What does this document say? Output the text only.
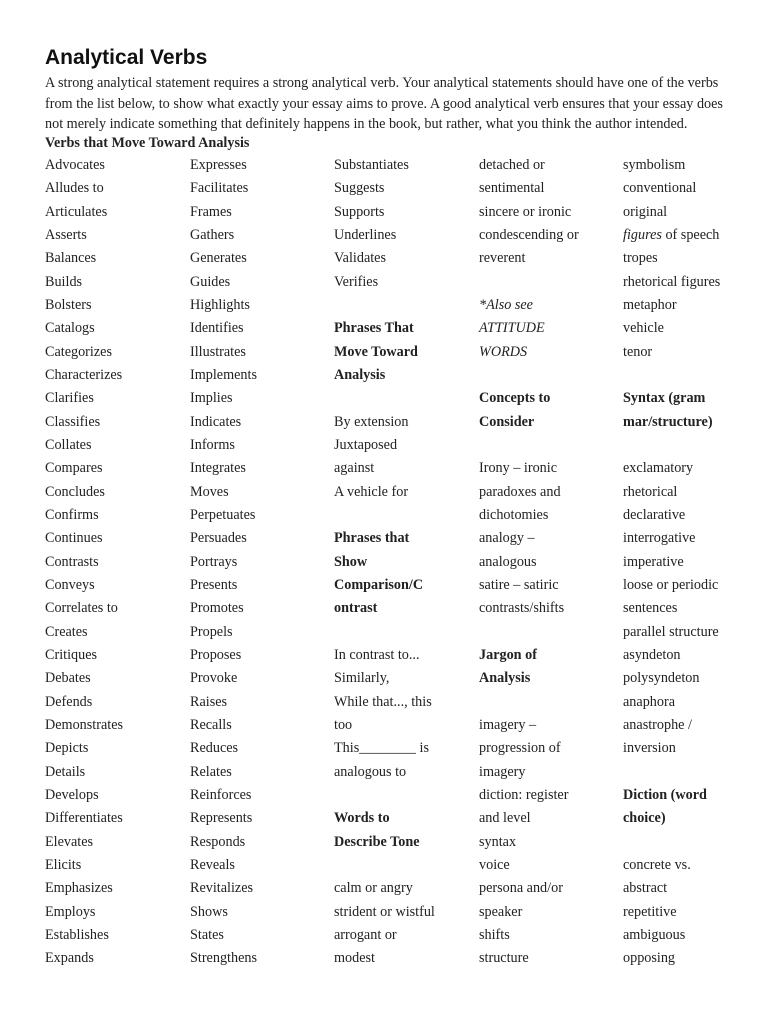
Analytical Verbs

A strong analytical statement requires a strong analytical verb. Your analytical statements should have one of the verbs from the list below, to show what exactly your essay aims to prove. A good analytical verb ensures that your essay does not merely indicate something that definitely happens in the book, but rather, what you think the author intended.

Verbs that Move Toward Analysis
Advocates
Alludes to
Articulates
Asserts
Balances
Builds
Bolsters
Catalogs
Categorizes
Characterizes
Clarifies
Classifies
Collates
Compares
Concludes
Confirms
Continues
Contrasts
Conveys
Correlates to
Creates
Critiques
Debates
Defends
Demonstrates
Depicts
Details
Develops
Differentiates
Elevates
Elicits
Emphasizes
Employs
Establishes
Expands
Expresses
Facilitates
Frames
Gathers
Generates
Guides
Highlights
Identifies
Illustrates
Implements
Implies
Indicates
Informs
Integrates
Moves
Perpetuates
Persuades
Portrays
Presents
Promotes
Propels
Proposes
Provoke
Raises
Recalls
Reduces
Relates
Reinforces
Represents
Responds
Reveals
Revitalizes
Shows
States
Strengthens
Substantiates
Suggests
Supports
Underlines
Validates
Verifies
Phrases That
Move Toward
Analysis
By extension
Juxtaposed
against
A vehicle for
Phrases that
Show
Comparison/C
ontrast
In contrast to...
Similarly,
While that..., this
too
This________ is
analogous to
Words to
Describe Tone
calm or angry
strident or wistful
arrogant or
modest
detached or
sentimental
sincere or ironic
condescending or
reverent
*Also see
ATTITUDE
WORDS
Concepts to
Consider
Irony – ironic
paradoxes and
dichotomies
analogy –
analogous
satire – satiric
contrasts/shifts
Jargon of
Analysis
imagery –
progression of
imagery
diction: register
and level
syntax
voice
persona and/or
speaker
shifts
structure
symbolism
conventional
original
figures of speech
tropes
rhetorical figures
metaphor
vehicle
tenor
Syntax (gram
mar/structure)
exclamatory
rhetorical
declarative
interrogative
imperative
loose or periodic
sentences
parallel structure
asyndeton
polysyndeton
anaphora
anastrophe /
inversion
Diction (word
choice)
concrete vs.
abstract
repetitive
ambiguous
opposing
